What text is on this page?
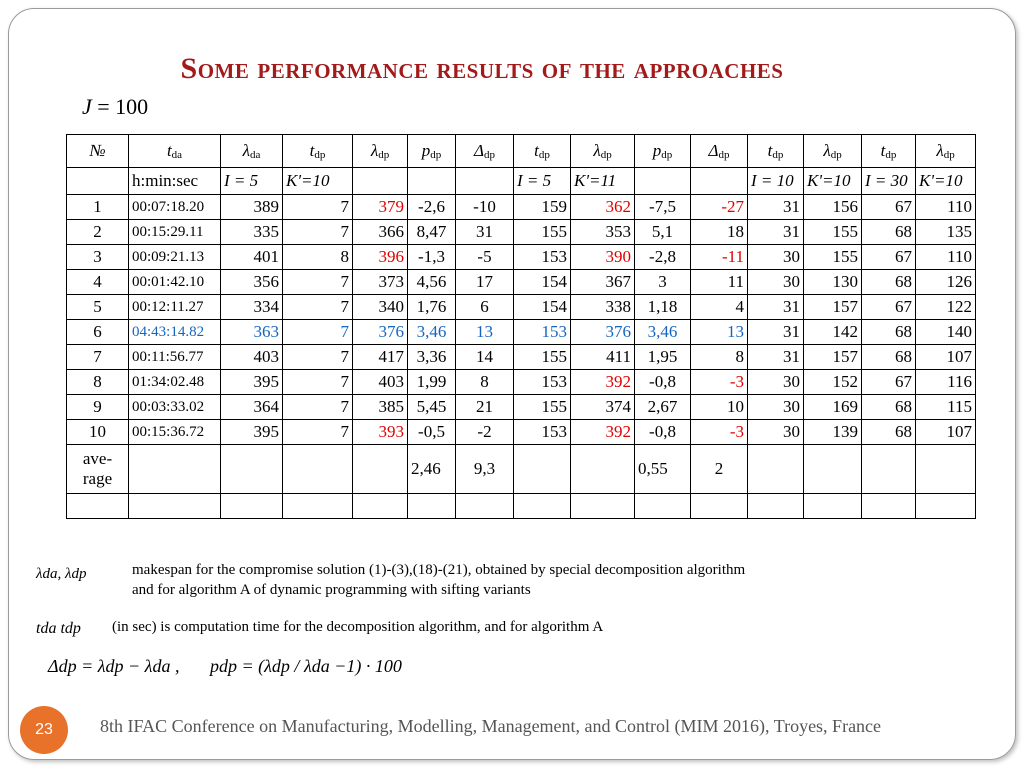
Some performance results of the approaches
J = 100
№	$t_{da}$	$\lambda_{da}$	$t_{dp}$	$\lambda_{dp}$	$p_{dp}$	$\Delta_{dp}$	$t_{dp}$	$\lambda_{dp}$	$p_{dp}$	$\Delta_{dp}$	$t_{dp}$	$\lambda_{dp}$	$t_{dp}$	$\lambda_{dp}$
	h:min:sec	I = 5	K'=10				I = 5	K'=11			I = 10	K'=10	I = 30	K'=10
1	00:07:18.20	389	7	379	-2,6	-10	159	362	-7,5	-27	31	156	67	110
2	00:15:29.11	335	7	366	8,47	31	155	353	5,1	18	31	155	68	135
3	00:09:21.13	401	8	396	-1,3	-5	153	390	-2,8	-11	30	155	67	110
4	00:01:42.10	356	7	373	4,56	17	154	367	3	11	30	130	68	126
5	00:12:11.27	334	7	340	1,76	6	154	338	1,18	4	31	157	67	122
6	04:43:14.82	363	7	376	3,46	13	153	376	3,46	13	31	142	68	140
7	00:11:56.77	403	7	417	3,36	14	155	411	1,95	8	31	157	68	107
8	01:34:02.48	395	7	403	1,99	8	153	392	-0,8	-3	30	152	67	116
9	00:03:33.02	364	7	385	5,45	21	155	374	2,67	10	30	169	68	115
10	00:15:36.72	395	7	393	-0,5	-2	153	392	-0,8	-3	30	139	68	107

ave-
rage					2,46	9,3			0,55	2				

λda, λdp	makespan for the compromise solution (1)-(3),(18)-(21), obtained by special decomposition algorithm
and for algorithm A of dynamic programming with sifting variants
tda tdp (in sec) is computation time for the decomposition algorithm, and for algorithm A
Δdp = λdp − λda , pdp = (λdp / λda −1) · 100
23	8th IFAC Conference on Manufacturing, Modelling, Management, and Control (MIM 2016), Troyes, France
